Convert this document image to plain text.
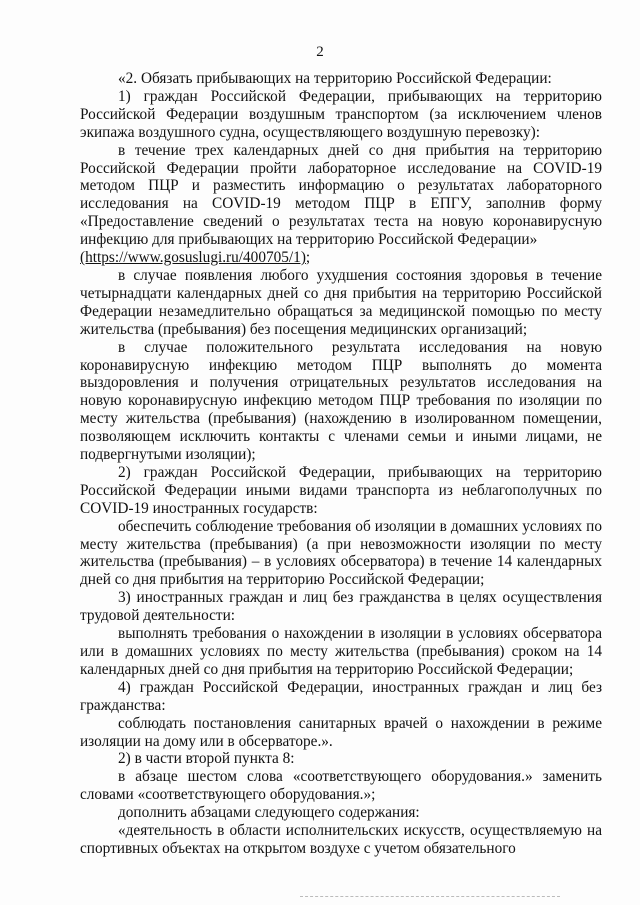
2

«2. Обязать прибывающих на территорию Российской Федерации:

1) граждан Российской Федерации, прибывающих на территорию Российской Федерации воздушным транспортом (за исключением членов экипажа воздушного судна, осуществляющего воздушную перевозку):

в течение трех календарных дней со дня прибытия на территорию Российской Федерации пройти лабораторное исследование на COVID-19 методом ПЦР и разместить информацию о результатах лабораторного исследования на COVID-19 методом ПЦР в ЕПГУ, заполнив форму «Предоставление сведений о результатах теста на новую коронавирусную инфекцию для прибывающих на территорию Российской Федерации»

(https://www.gosuslugi.ru/400705/1);

в случае появления любого ухудшения состояния здоровья в течение четырнадцати календарных дней со дня прибытия на территорию Российской Федерации незамедлительно обращаться за медицинской помощью по месту жительства (пребывания) без посещения медицинских организаций;

в случае положительного результата исследования на новую коронавирусную инфекцию методом ПЦР выполнять до момента выздоровления и получения отрицательных результатов исследования на новую коронавирусную инфекцию методом ПЦР требования по изоляции по месту жительства (пребывания) (нахождению в изолированном помещении, позволяющем исключить контакты с членами семьи и иными лицами, не подвергнутыми изоляции);

2) граждан Российской Федерации, прибывающих на территорию Российской Федерации иными видами транспорта из неблагополучных по COVID-19 иностранных государств:

обеспечить соблюдение требования об изоляции в домашних условиях по месту жительства (пребывания) (а при невозможности изоляции по месту жительства (пребывания) – в условиях обсерватора) в течение 14 календарных дней со дня прибытия на территорию Российской Федерации;

3) иностранных граждан и лиц без гражданства в целях осуществления трудовой деятельности:

выполнять требования о нахождении в изоляции в условиях обсерватора или в домашних условиях по месту жительства (пребывания) сроком на 14 календарных дней со дня прибытия на территорию Российской Федерации;

4) граждан Российской Федерации, иностранных граждан и лиц без гражданства:

соблюдать постановления санитарных врачей о нахождении в режиме изоляции на дому или в обсерваторе.».

2) в части второй пункта 8:

в абзаце шестом слова «соответствующего оборудования.» заменить словами «соответствующего оборудования.»;

дополнить абзацами следующего содержания:

«деятельность в области исполнительских искусств, осуществляемую на спортивных объектах на открытом воздухе с учетом обязательного
